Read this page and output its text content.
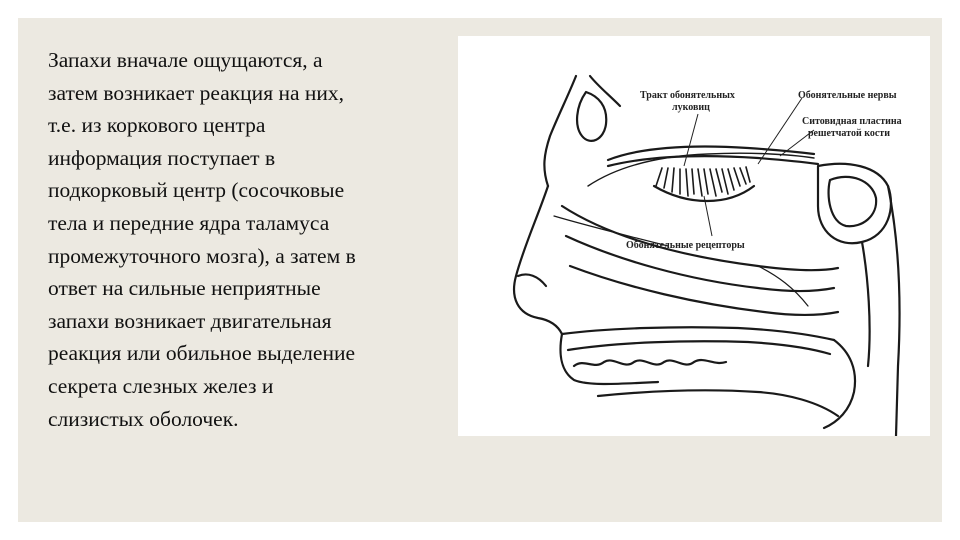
Запахи вначале ощущаются, а
затем возникает реакция на них,
т.е. из коркового центра
информация поступает в
подкорковый центр (сосочковые
тела и передние ядра таламуса
промежуточного мозга), а затем в
ответ на сильные неприятные
запахи возникает двигательная
реакция или обильное выделение
секрета слезных желез и
слизистых оболочек.

Тракт обонятельных
луковиц
Обонятельные нервы
Ситовидная пластина
решетчатой кости
Обонятельные рецепторы
